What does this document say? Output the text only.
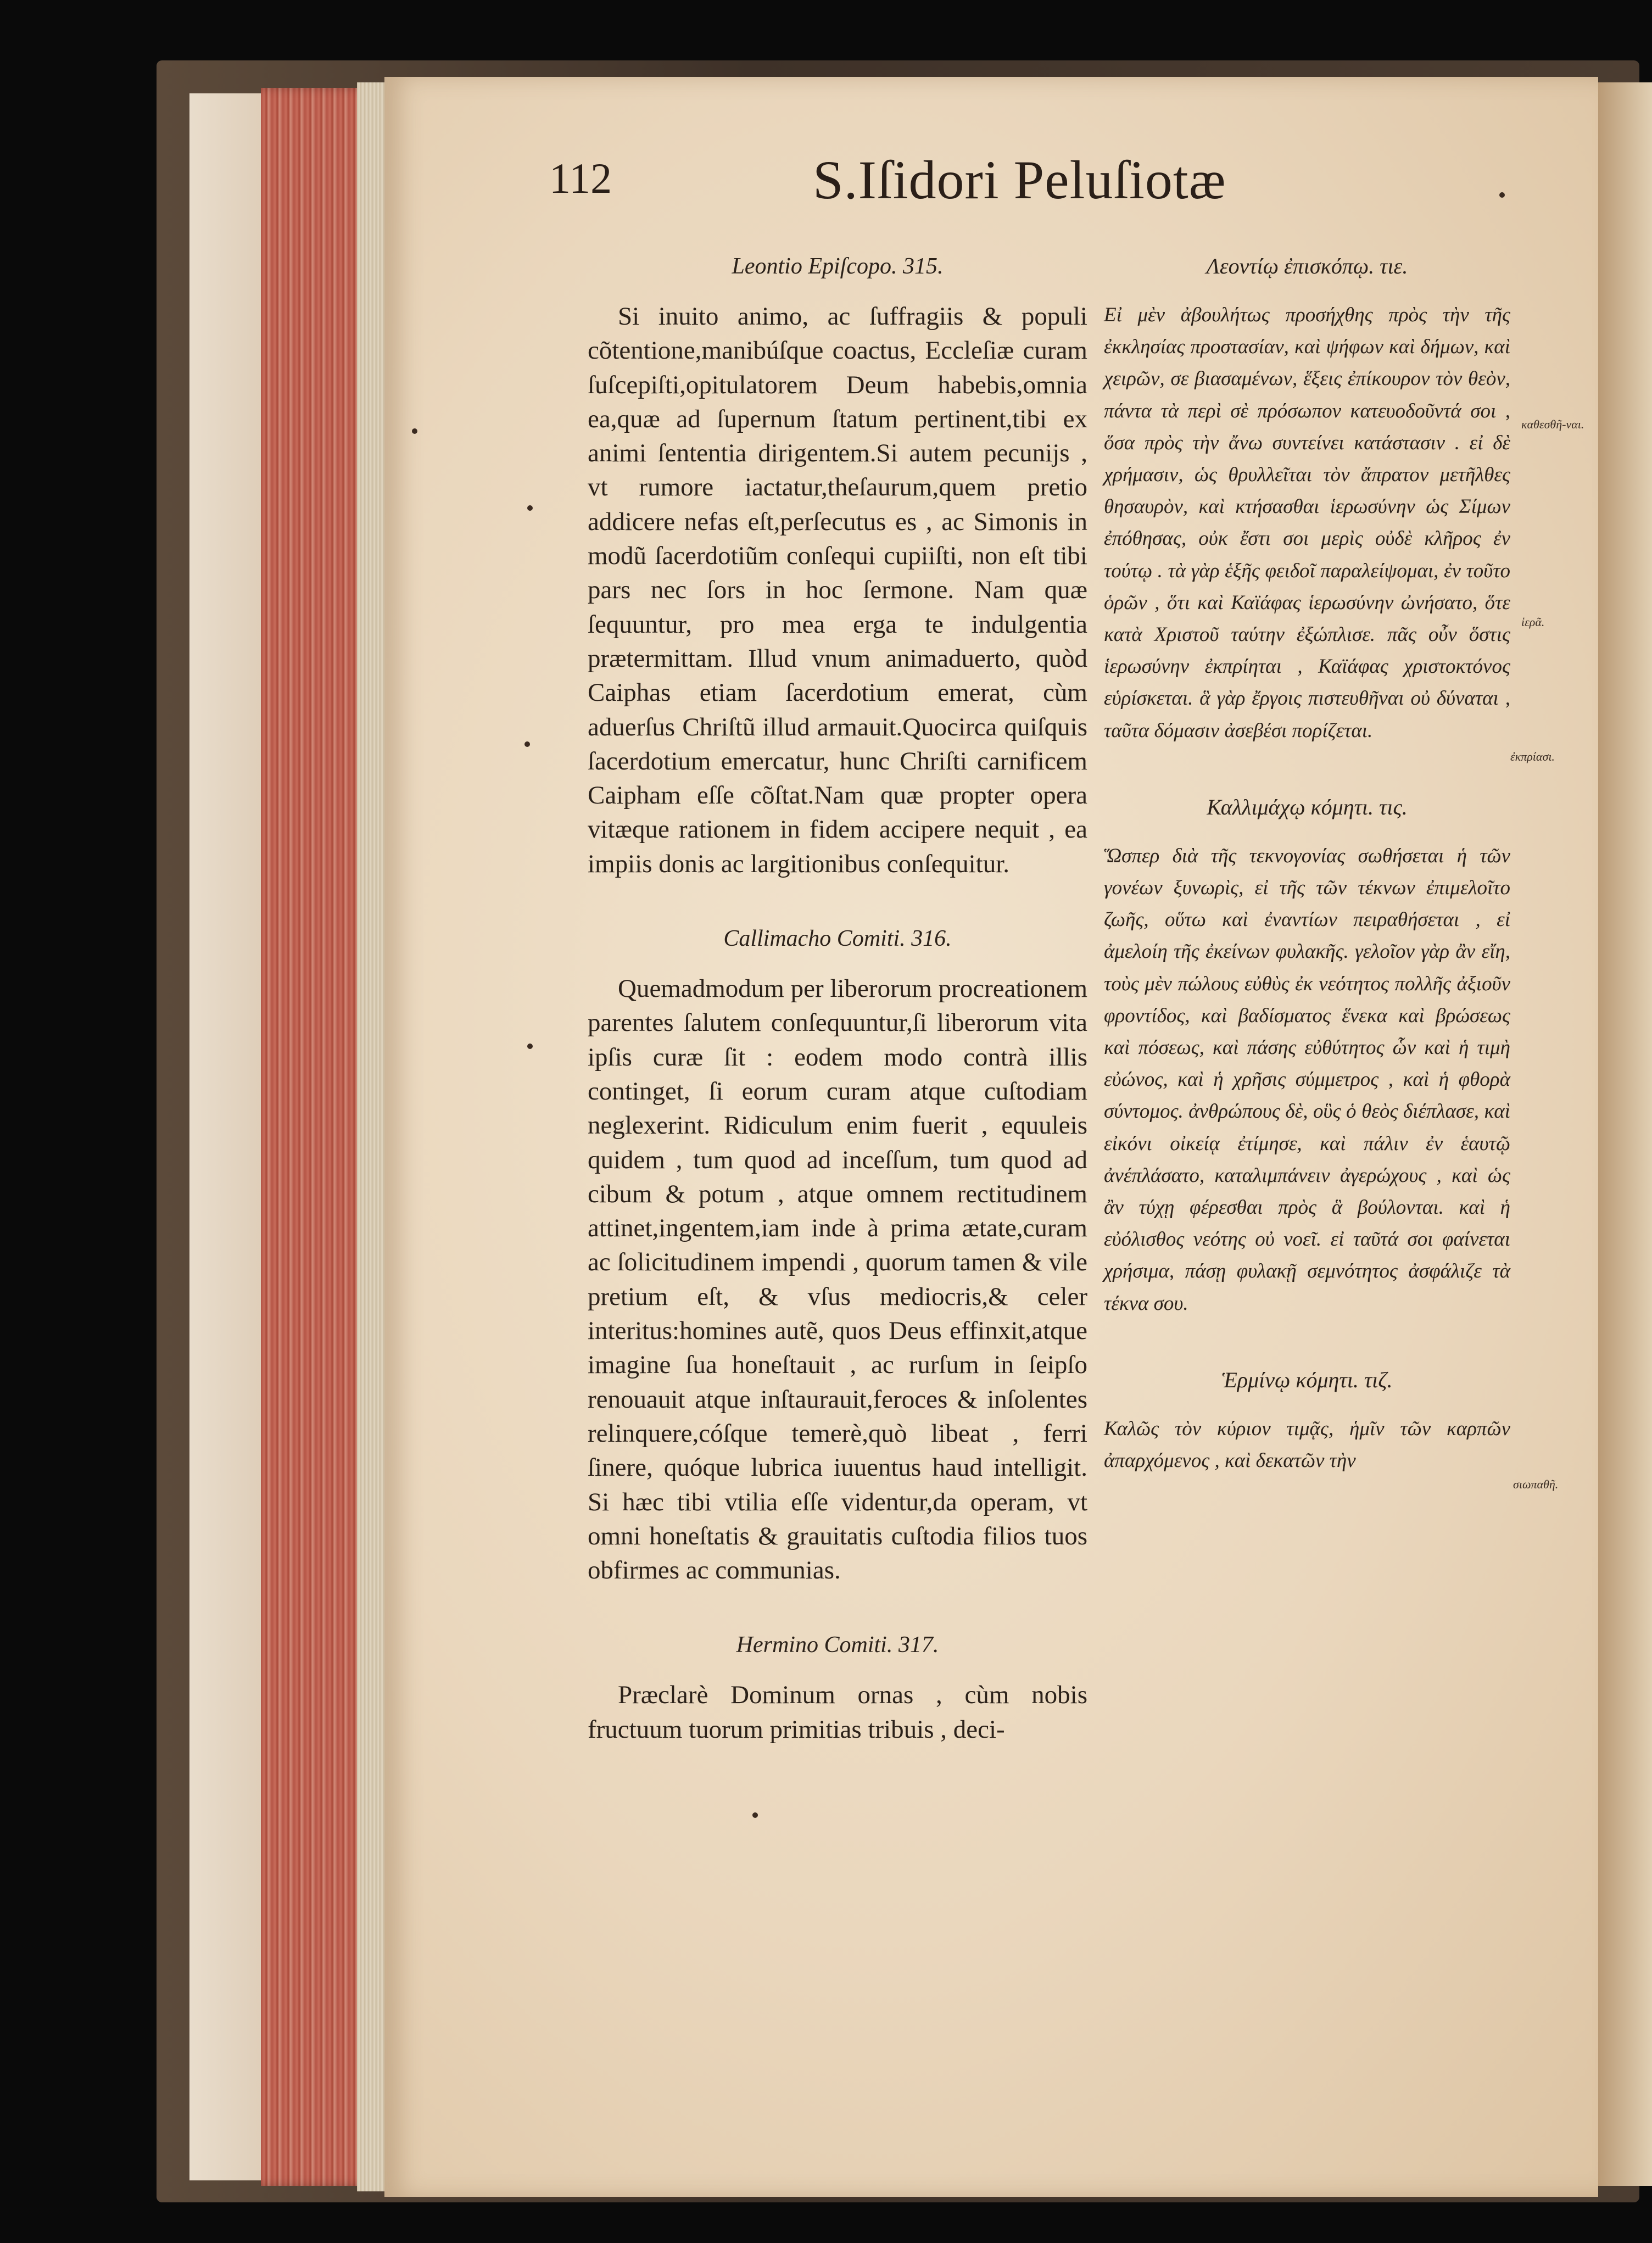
112	S.Iſidori Peluſiotæ
Leontio Epiſcopo. 315.
Si inuito animo, ac ſuffragiis & populi cõtentione,manibúſque coactus, Eccleſiæ curam ſuſcepiſti,opitulatorem Deum habebis,omnia ea,quæ ad ſupernum ſtatum pertinent,tibi ex animi ſententia dirigentem.Si autem pecunijs , vt rumore iactatur,theſaurum,quem pretio addicere nefas eſt,perſecutus es , ac Simonis in modũ ſacerdotiũm conſequi cupiiſti, non eſt tibi pars nec ſors in hoc ſermone. Nam quæ ſequuntur, pro mea erga te indulgentia prætermittam. Illud vnum animaduerto, quòd Caiphas etiam ſacerdotium emerat, cùm aduerſus Chriſtũ illud armauit.Quocirca quiſquis ſacerdotium emercatur, hunc Chriſti carnificem Caipham eſſe cõſtat.Nam quæ propter opera vitæque rationem in fidem accipere nequit , ea impiis donis ac largitionibus conſequitur.
Callimacho Comiti. 316.
Quemadmodum per liberorum procreationem parentes ſalutem conſequuntur,ſi liberorum vita ipſis curæ ſit : eodem modo contrà illis continget, ſi eorum curam atque cuſtodiam neglexerint. Ridiculum enim fuerit , equuleis quidem , tum quod ad inceſſum, tum quod ad cibum & potum , atque omnem rectitudinem attinet,ingentem,iam inde à prima ætate,curam ac ſolicitudinem impendi , quorum tamen & vile pretium eſt, & vſus mediocris,& celer interitus:homines autẽ, quos Deus effinxit,atque imagine ſua honeſtauit , ac rurſum in ſeipſo renouauit atque inſtaurauit,feroces & inſolentes relinquere,cóſque temerè,quò libeat , ferri ſinere, quóque lubrica iuuentus haud intelligit. Si hæc tibi vtilia eſſe videntur,da operam, vt omni honeſtatis & grauitatis cuſtodia filios tuos obfirmes ac communias.
Hermino Comiti. 317.
Præclarè Dominum ornas , cùm nobis fructuum tuorum primitias tribuis , deci-
Λεοντίῳ ἐπισκόπῳ. τιε.
Εἰ μὲν ἀβουλήτως προσήχθης πρὸς τὴν τῆς ἐκκλησίας προστασίαν, καὶ ψήφων καὶ δήμων, καὶ χειρῶν, σε βιασαμένων, ἕξεις ἐπίκουρον τὸν θεὸν, πάντα τὰ περὶ σὲ πρόσωπον κατευοδοῦντά σοι , ὅσα πρὸς τὴν ἄνω συντείνει κατάστασιν . εἰ δὲ χρήμασιν, ὡς θρυλλεῖται τὸν ἄπρατον μετῆλθες θησαυρὸν, καὶ κτήσασθαι ἱερωσύνην ὡς Σίμων ἐπόθησας, οὐκ ἔστι σοι μερὶς οὐδὲ κλῆρος ἐν τούτῳ . τὰ γὰρ ἑξῆς φειδοῖ παραλείψομαι, ἐν τοῦτο ὁρῶν , ὅτι καὶ Καϊάφας ἱερωσύνην ὠνήσατο, ὅτε κατὰ Χριστοῦ ταύτην ἐξώπλισε. πᾶς οὖν ὅστις ἱερωσύνην ἐκπρίηται , Καϊάφας χριστοκτόνος εὑρίσκεται. ἃ γὰρ ἔργοις πιστευθῆναι οὐ δύναται , ταῦτα δόμασιν ἀσεβέσι πορίζεται.
Καλλιμάχῳ κόμητι. τις.
Ὥσπερ διὰ τῆς τεκνογονίας σωθήσεται ἡ τῶν γονέων ξυνωρὶς, εἰ τῆς τῶν τέκνων ἐπιμελοῖτο ζωῆς, οὕτω καὶ ἐναντίων πειραθήσεται , εἰ ἀμελοίη τῆς ἐκείνων φυλακῆς. γελοῖον γὰρ ἂν εἴη, τοὺς μὲν πώλους εὐθὺς ἐκ νεότητος πολλῆς ἀξιοῦν φροντίδος, καὶ βαδίσματος ἕνεκα καὶ βρώσεως καὶ πόσεως, καὶ πάσης εὐθύτητος ὧν καὶ ἡ τιμὴ εὐώνος, καὶ ἡ χρῆσις σύμμετρος , καὶ ἡ φθορὰ σύντομος. ἀνθρώπους δὲ, οὓς ὁ θεὸς διέπλασε, καὶ εἰκόνι οἰκείᾳ ἐτίμησε, καὶ πάλιν ἐν ἑαυτῷ ἀνέπλάσατο, καταλιμπάνειν ἀγερώχους , καὶ ὡς ἂν τύχῃ φέρεσθαι πρὸς ἃ βούλονται. καὶ ἡ εὐόλισθος νεότης οὐ νοεῖ. εἰ ταῦτά σοι φαίνεται χρήσιμα, πάσῃ φυλακῇ σεμνότητος ἀσφάλιζε τὰ τέκνα σου.
Ἑρμίνῳ κόμητι. τιζ.
Καλῶς τὸν κύριον τιμᾷς, ἡμῖν τῶν καρπῶν ἀπαρχόμενος , καὶ δεκατῶν τὴν
καθεσθῆ-ναι.
ἱερᾶ.
ἐκπρίασι.
σιωπαθῆ.
